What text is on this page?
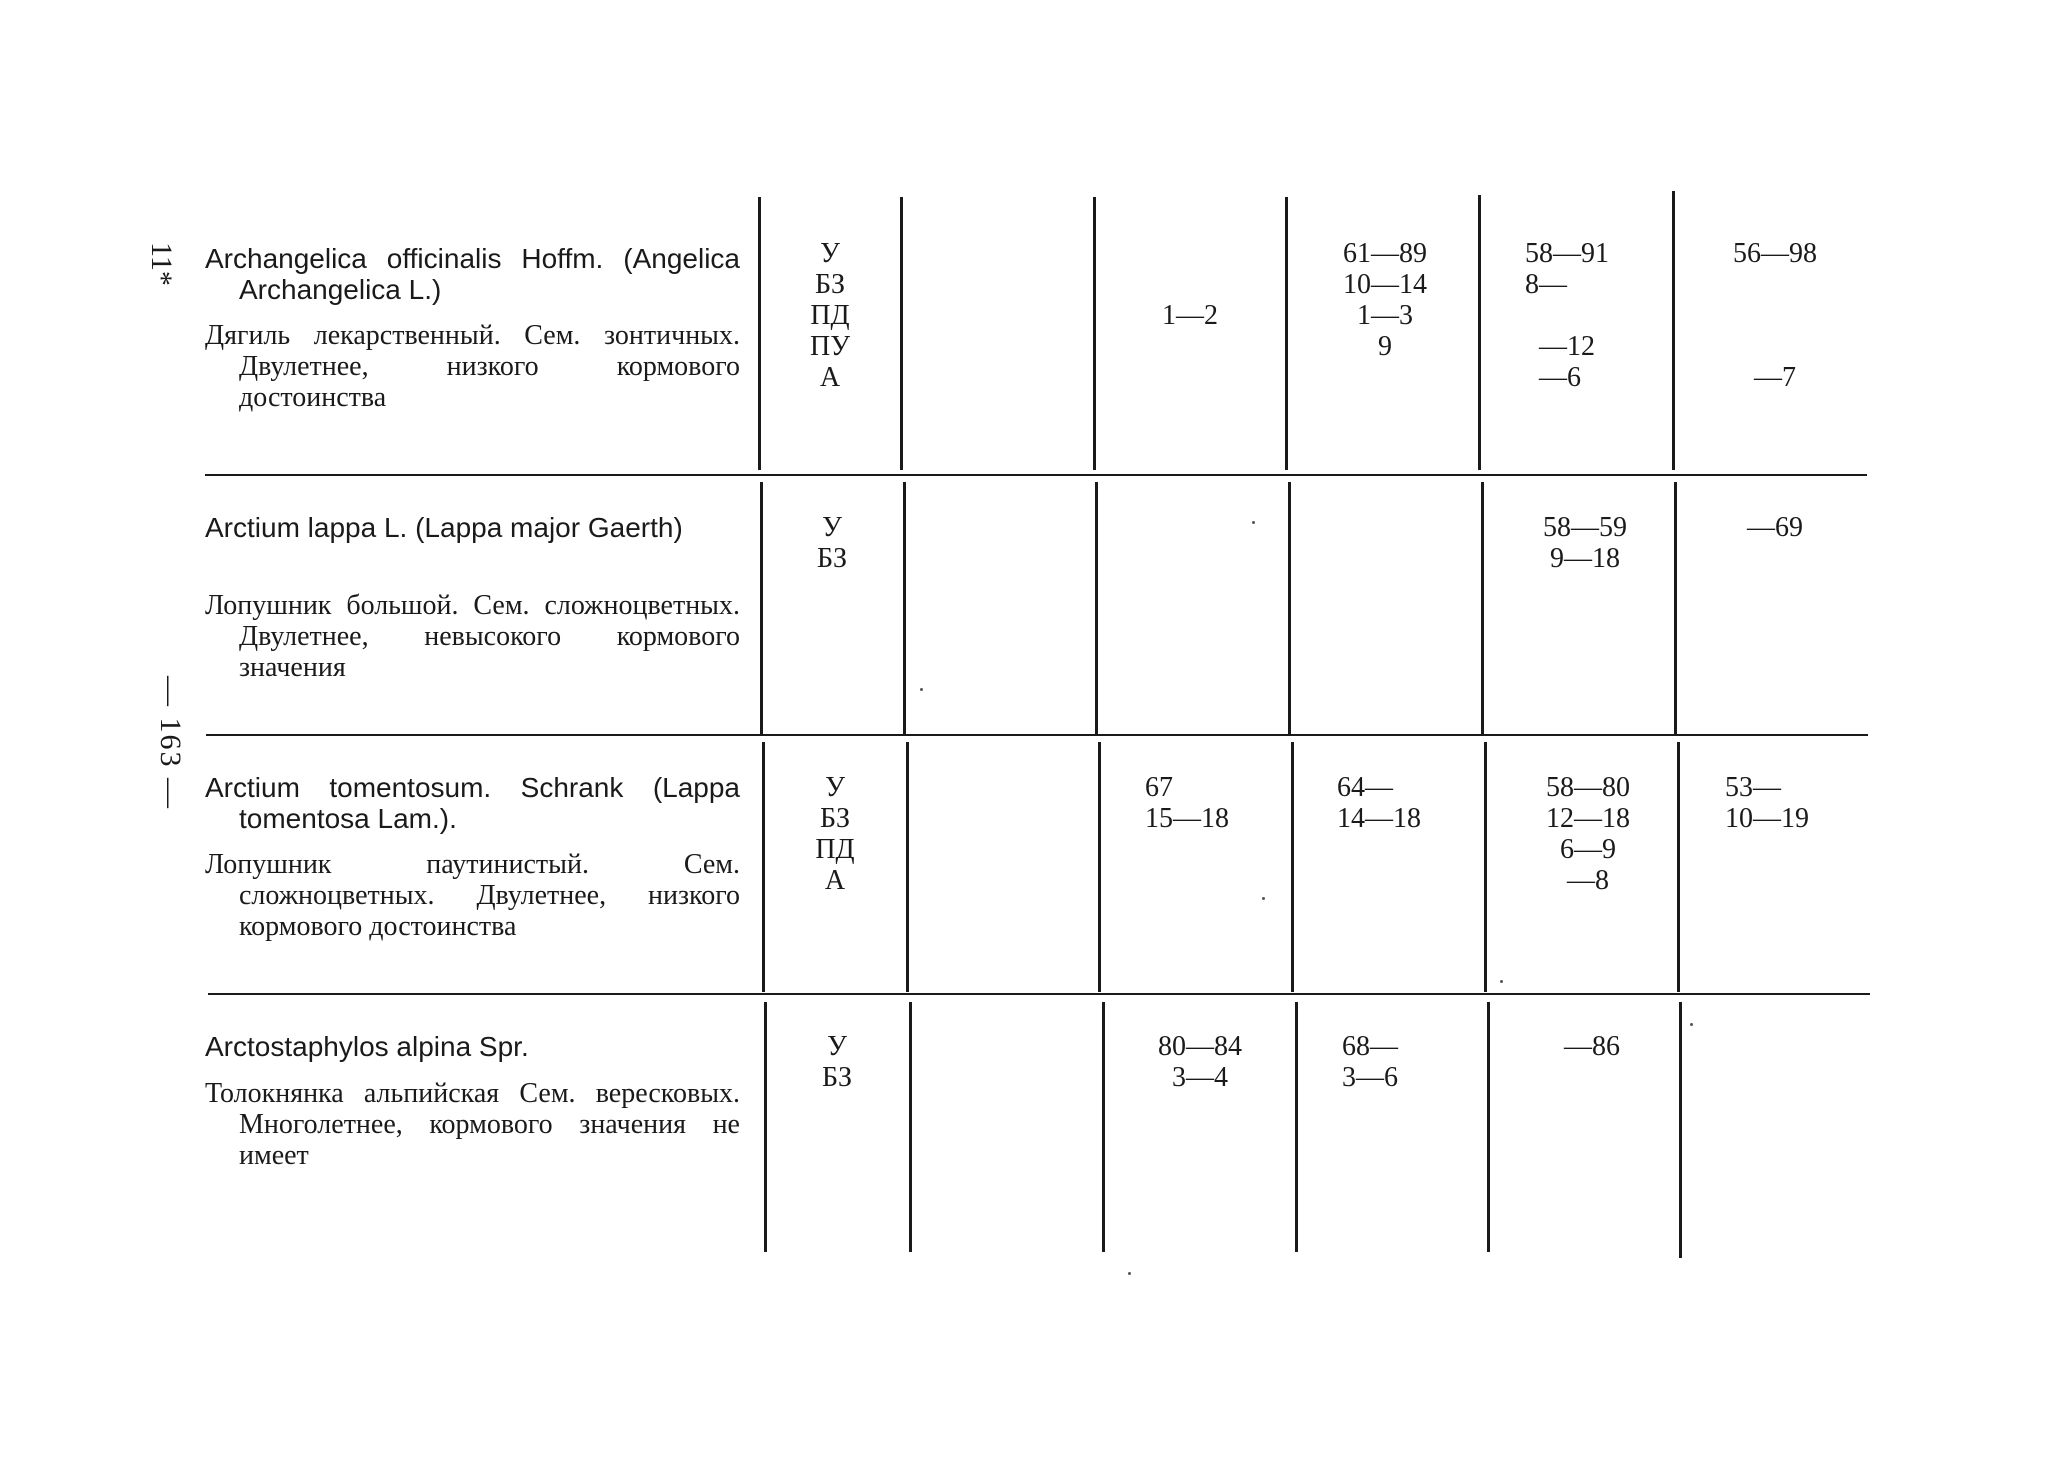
11*
— 163 —

Archangelica officinalis Hoffm. (Angelica Archangelica L.)

Дягиль лекарственный. Сем. зонтичных. Двулетнее, низкого кормового достоинства

У
БЗ
ПД
ПУ
А

1—2
61—89
10—14
1—3
9
58—91
8—

—12
—6
56—98

—7

Arctium lappa L. (Lappa major Gaerth)

Лопушник большой. Сем. сложноцветных. Двулетнее, невысокого кормового значения

У
БЗ
58—59
9—18
—69

Arctium tomentosum. Schrank (Lappa tomentosa Lam.).

Лопушник паутинистый. Сем. сложноцветных. Двулетнее, низкого кормового достоинства

У
БЗ
ПД
А
67
15—18
64—
14—18
58—80
12—18
6—9
—8
53—
10—19

Arctostaphylos alpina Spr.

Толокнянка альпийская Сем. вересковых. Многолетнее, кормового значения не имеет

У
БЗ
80—84
3—4
68—
3—6
—86
